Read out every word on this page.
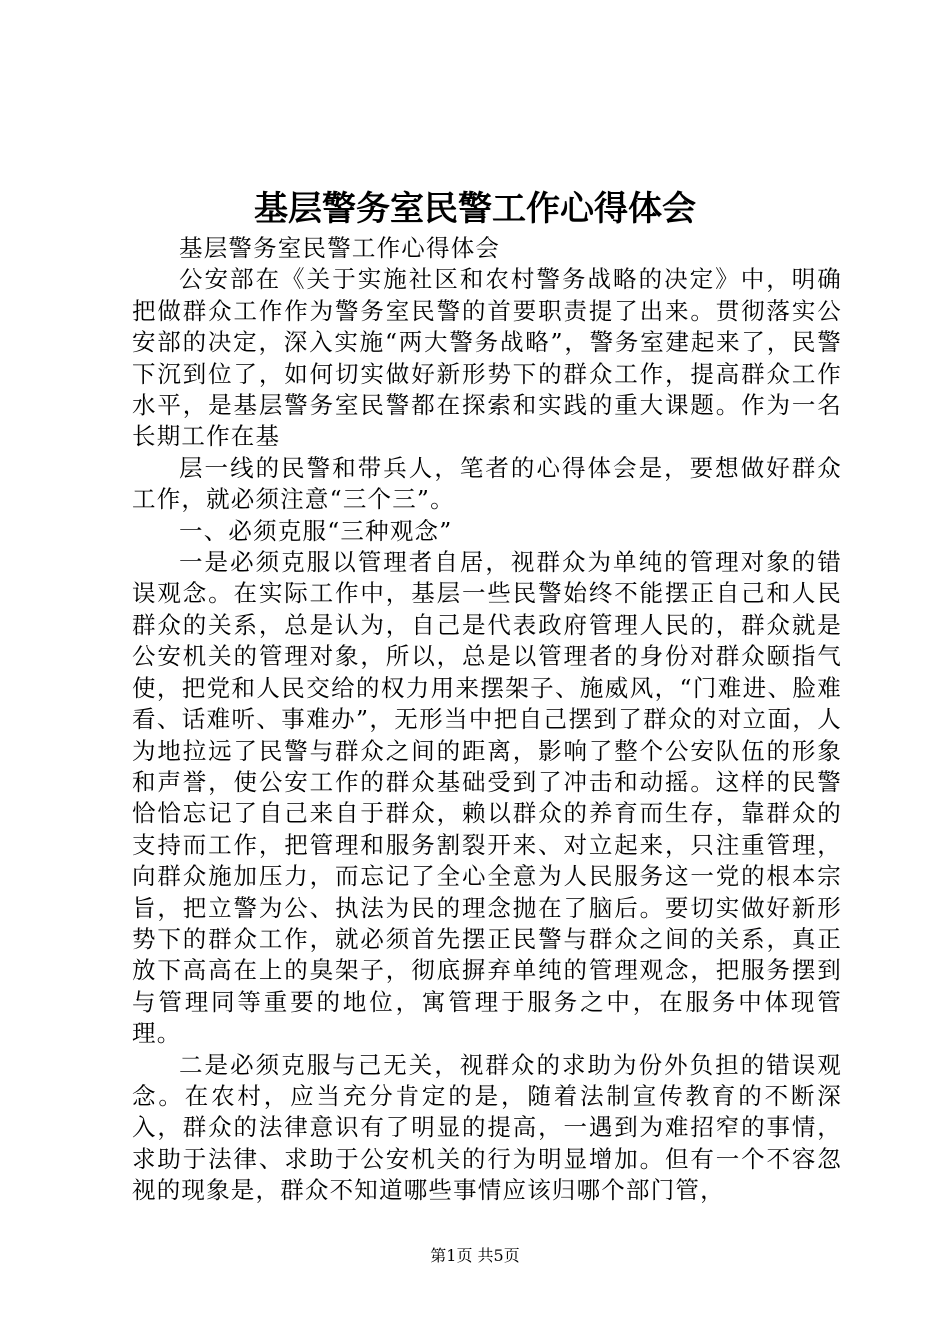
基层警务室民警工作心得体会

基层警务室民警工作心得体会

公安部在《关于实施社区和农村警务战略的决定》中，明确把做群众工作作为警务室民警的首要职责提了出来。贯彻落实公安部的决定，深入实施“两大警务战略”，警务室建起来了，民警下沉到位了，如何切实做好新形势下的群众工作，提高群众工作水平，是基层警务室民警都在探索和实践的重大课题。作为一名长期工作在基

层一线的民警和带兵人，笔者的心得体会是，要想做好群众工作，就必须注意“三个三”。

一、必须克服“三种观念”

一是必须克服以管理者自居，视群众为单纯的管理对象的错误观念。在实际工作中，基层一些民警始终不能摆正自己和人民群众的关系，总是认为，自己是代表政府管理人民的，群众就是公安机关的管理对象，所以，总是以管理者的身份对群众颐指气使，把党和人民交给的权力用来摆架子、施威风，“门难进、脸难看、话难听、事难办”，无形当中把自己摆到了群众的对立面，人为地拉远了民警与群众之间的距离，影响了整个公安队伍的形象和声誉，使公安工作的群众基础受到了冲击和动摇。这样的民警恰恰忘记了自己来自于群众，赖以群众的养育而生存，靠群众的支持而工作，把管理和服务割裂开来、对立起来，只注重管理，向群众施加压力，而忘记了全心全意为人民服务这一党的根本宗旨，把立警为公、执法为民的理念抛在了脑后。要切实做好新形势下的群众工作，就必须首先摆正民警与群众之间的关系，真正放下高高在上的臭架子，彻底摒弃单纯的管理观念，把服务摆到与管理同等重要的地位，寓管理于服务之中，在服务中体现管理。

二是必须克服与己无关，视群众的求助为份外负担的错误观念。在农村，应当充分肯定的是，随着法制宣传教育的不断深入，群众的法律意识有了明显的提高，一遇到为难招窄的事情，求助于法律、求助于公安机关的行为明显增加。但有一个不容忽视的现象是，群众不知道哪些事情应该归哪个部门管，

第1页 共5页
